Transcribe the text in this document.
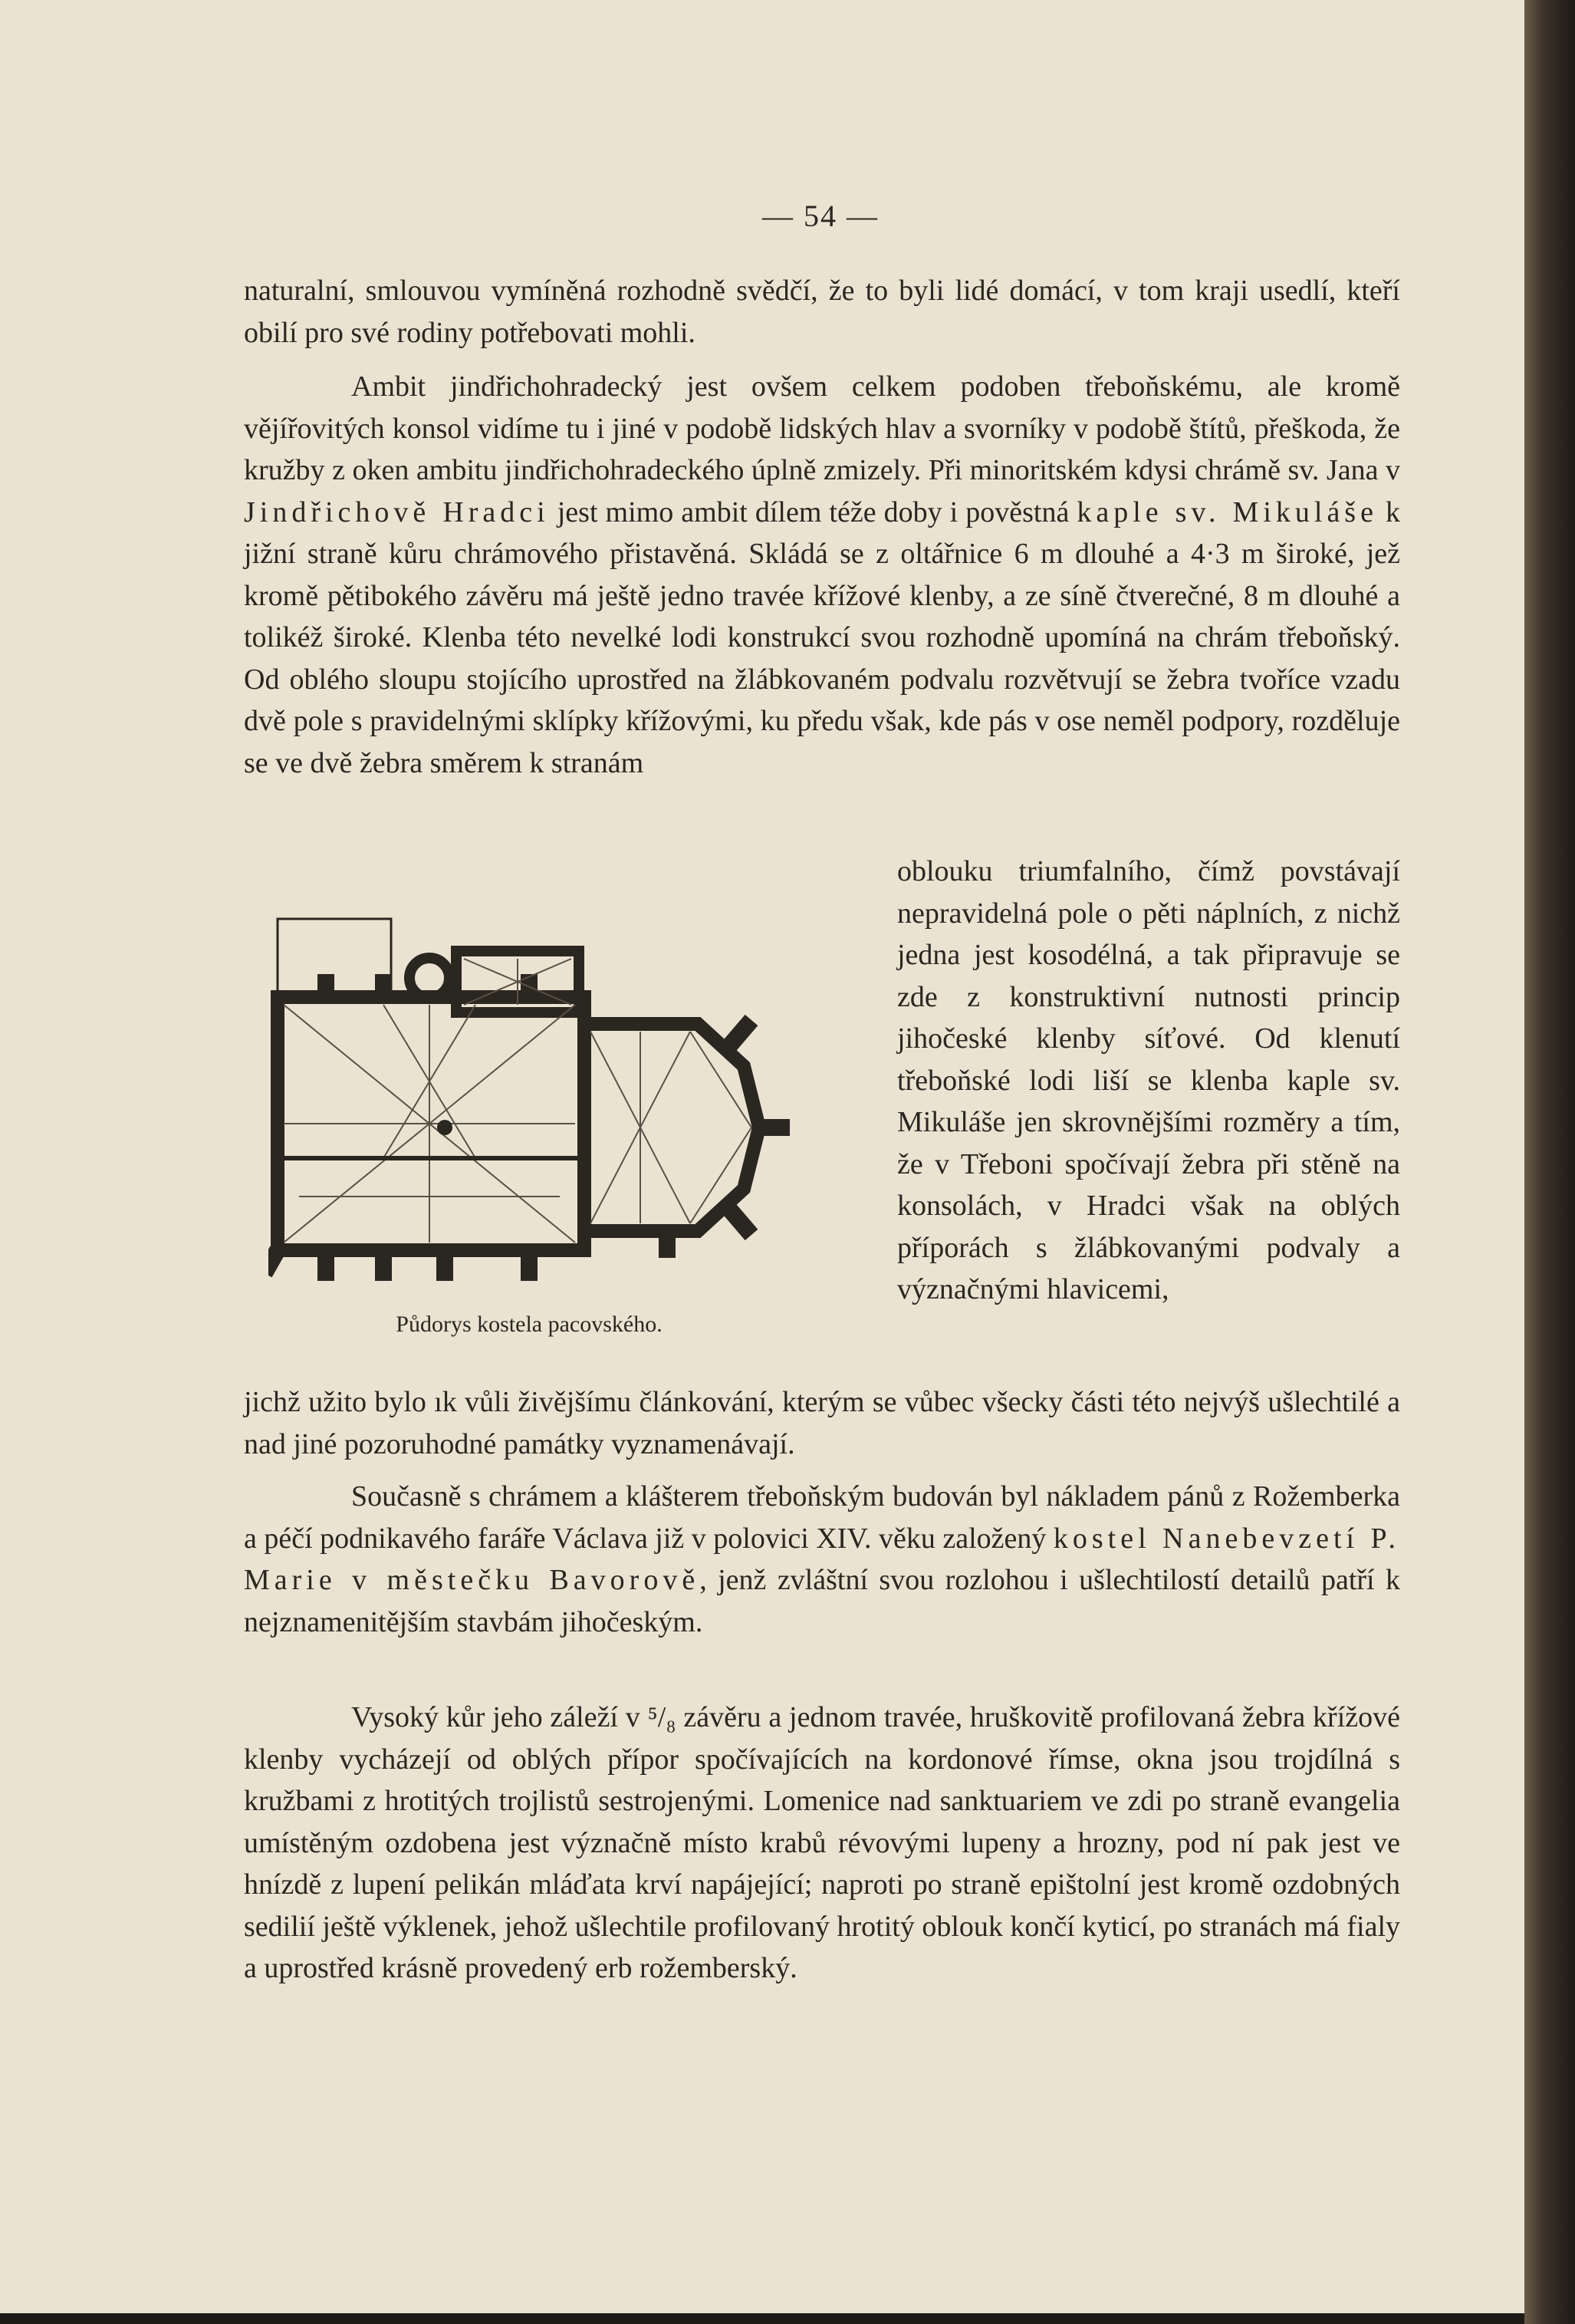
— 54 —

naturalní, smlouvou vymíněná rozhodně svědčí, že to byli lidé domácí, v tom kraji usedlí, kteří obilí pro své rodiny potřebovati mohli.

Ambit jindřichohradecký jest ovšem celkem podoben třeboňskému, ale kromě vějířovitých konsol vidíme tu i jiné v podobě lidských hlav a svorníky v podobě štítů, přeškoda, že kružby z oken ambitu jindřichohradeckého úplně zmizely. Při minoritském kdysi chrámě sv. Jana v Jindřichově Hradci jest mimo ambit dílem téže doby i pověstná kaple sv. Mikuláše k jižní straně kůru chrámového přistavěná. Skládá se z oltářnice 6 m dlouhé a 4·3 m široké, jež kromě pětibokého závěru má ještě jedno travée křížové klenby, a ze síně čtverečné, 8 m dlouhé a tolikéž široké. Klenba této nevelké lodi konstrukcí svou rozhodně upomíná na chrám třeboňský. Od oblého sloupu stojícího uprostřed na žlábkovaném podvalu rozvětvují se žebra tvoříce vzadu dvě pole s pravidelnými sklípky křížovými, ku předu však, kde pás v ose neměl podpory, rozděluje se ve dvě žebra směrem k stranám

Půdorys kostela pacovského.

oblouku triumfalního, čímž povstávají nepravidelná pole o pěti náplních, z nichž jedna jest kosodélná, a tak připravuje se zde z konstruktivní nutnosti princip jihočeské klenby síťové. Od klenutí třeboňské lodi liší se klenba kaple sv. Mikuláše jen skrovnějšími rozměry a tím, že v Třeboni spočívají žebra při stěně na konsolách, v Hradci však na oblých příporách s žlábkovanými podvaly a význačnými hlavicemi,

jichž užito bylo ık vůli živějšímu článkování, kterým se vůbec všecky části této nejvýš ušlechtilé a nad jiné pozoruhodné památky vyznamenávají.

Současně s chrámem a klášterem třeboňským budován byl nákladem pánů z Rožemberka a péčí podnikavého faráře Václava již v polovici XIV. věku založený kostel Nanebevzetí P. Marie v městečku Bavorově, jenž zvláštní svou rozlohou i ušlechtilostí detailů patří k nejznamenitějším stavbám jihočeským.

Vysoký kůr jeho záleží v ⁵/₈ závěru a jednom travée, hruškovitě profilovaná žebra křížové klenby vycházejí od oblých přípor spočívajících na kordonové římse, okna jsou trojdílná s kružbami z hrotitých trojlistů sestrojenými. Lomenice nad sanktuariem ve zdi po straně evangelia umístěným ozdobena jest význačně místo krabů révovými lupeny a hrozny, pod ní pak jest ve hnízdě z lupení pelikán mláďata krví napájející; naproti po straně epištolní jest kromě ozdobných sedilií ještě výklenek, jehož ušlechtile profilovaný hrotitý oblouk končí kyticí, po stranách má fialy a uprostřed krásně provedený erb rožemberský.
